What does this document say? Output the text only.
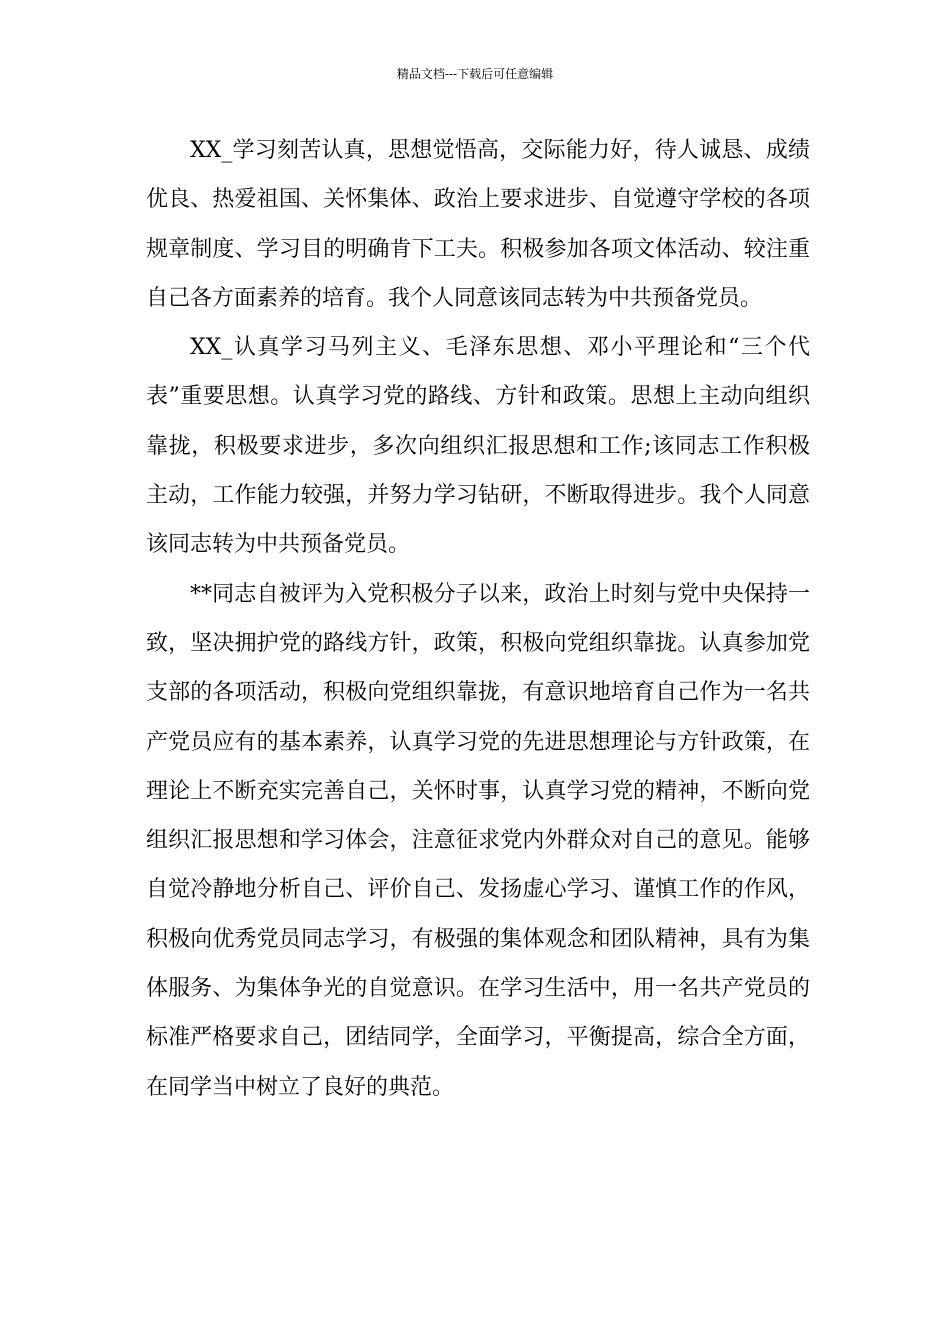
精品文档---下载后可任意编辑

XX_学习刻苦认真，思想觉悟高，交际能力好，待人诚恳、成绩优良、热爱祖国、关怀集体、政治上要求进步、自觉遵守学校的各项规章制度、学习目的明确肯下工夫。积极参加各项文体活动、较注重自己各方面素养的培育。我个人同意该同志转为中共预备党员。

XX_认真学习马列主义、毛泽东思想、邓小平理论和“三个代表”重要思想。认真学习党的路线、方针和政策。思想上主动向组织靠拢，积极要求进步，多次向组织汇报思想和工作;该同志工作积极主动，工作能力较强，并努力学习钻研，不断取得进步。我个人同意该同志转为中共预备党员。

**同志自被评为入党积极分子以来，政治上时刻与党中央保持一致，坚决拥护党的路线方针，政策，积极向党组织靠拢。认真参加党支部的各项活动，积极向党组织靠拢，有意识地培育自己作为一名共产党员应有的基本素养，认真学习党的先进思想理论与方针政策，在理论上不断充实完善自己，关怀时事，认真学习党的精神，不断向党组织汇报思想和学习体会，注意征求党内外群众对自己的意见。能够自觉冷静地分析自己、评价自己、发扬虚心学习、谨慎工作的作风，积极向优秀党员同志学习，有极强的集体观念和团队精神，具有为集体服务、为集体争光的自觉意识。在学习生活中，用一名共产党员的标准严格要求自己，团结同学，全面学习，平衡提高，综合全方面，在同学当中树立了良好的典范。
